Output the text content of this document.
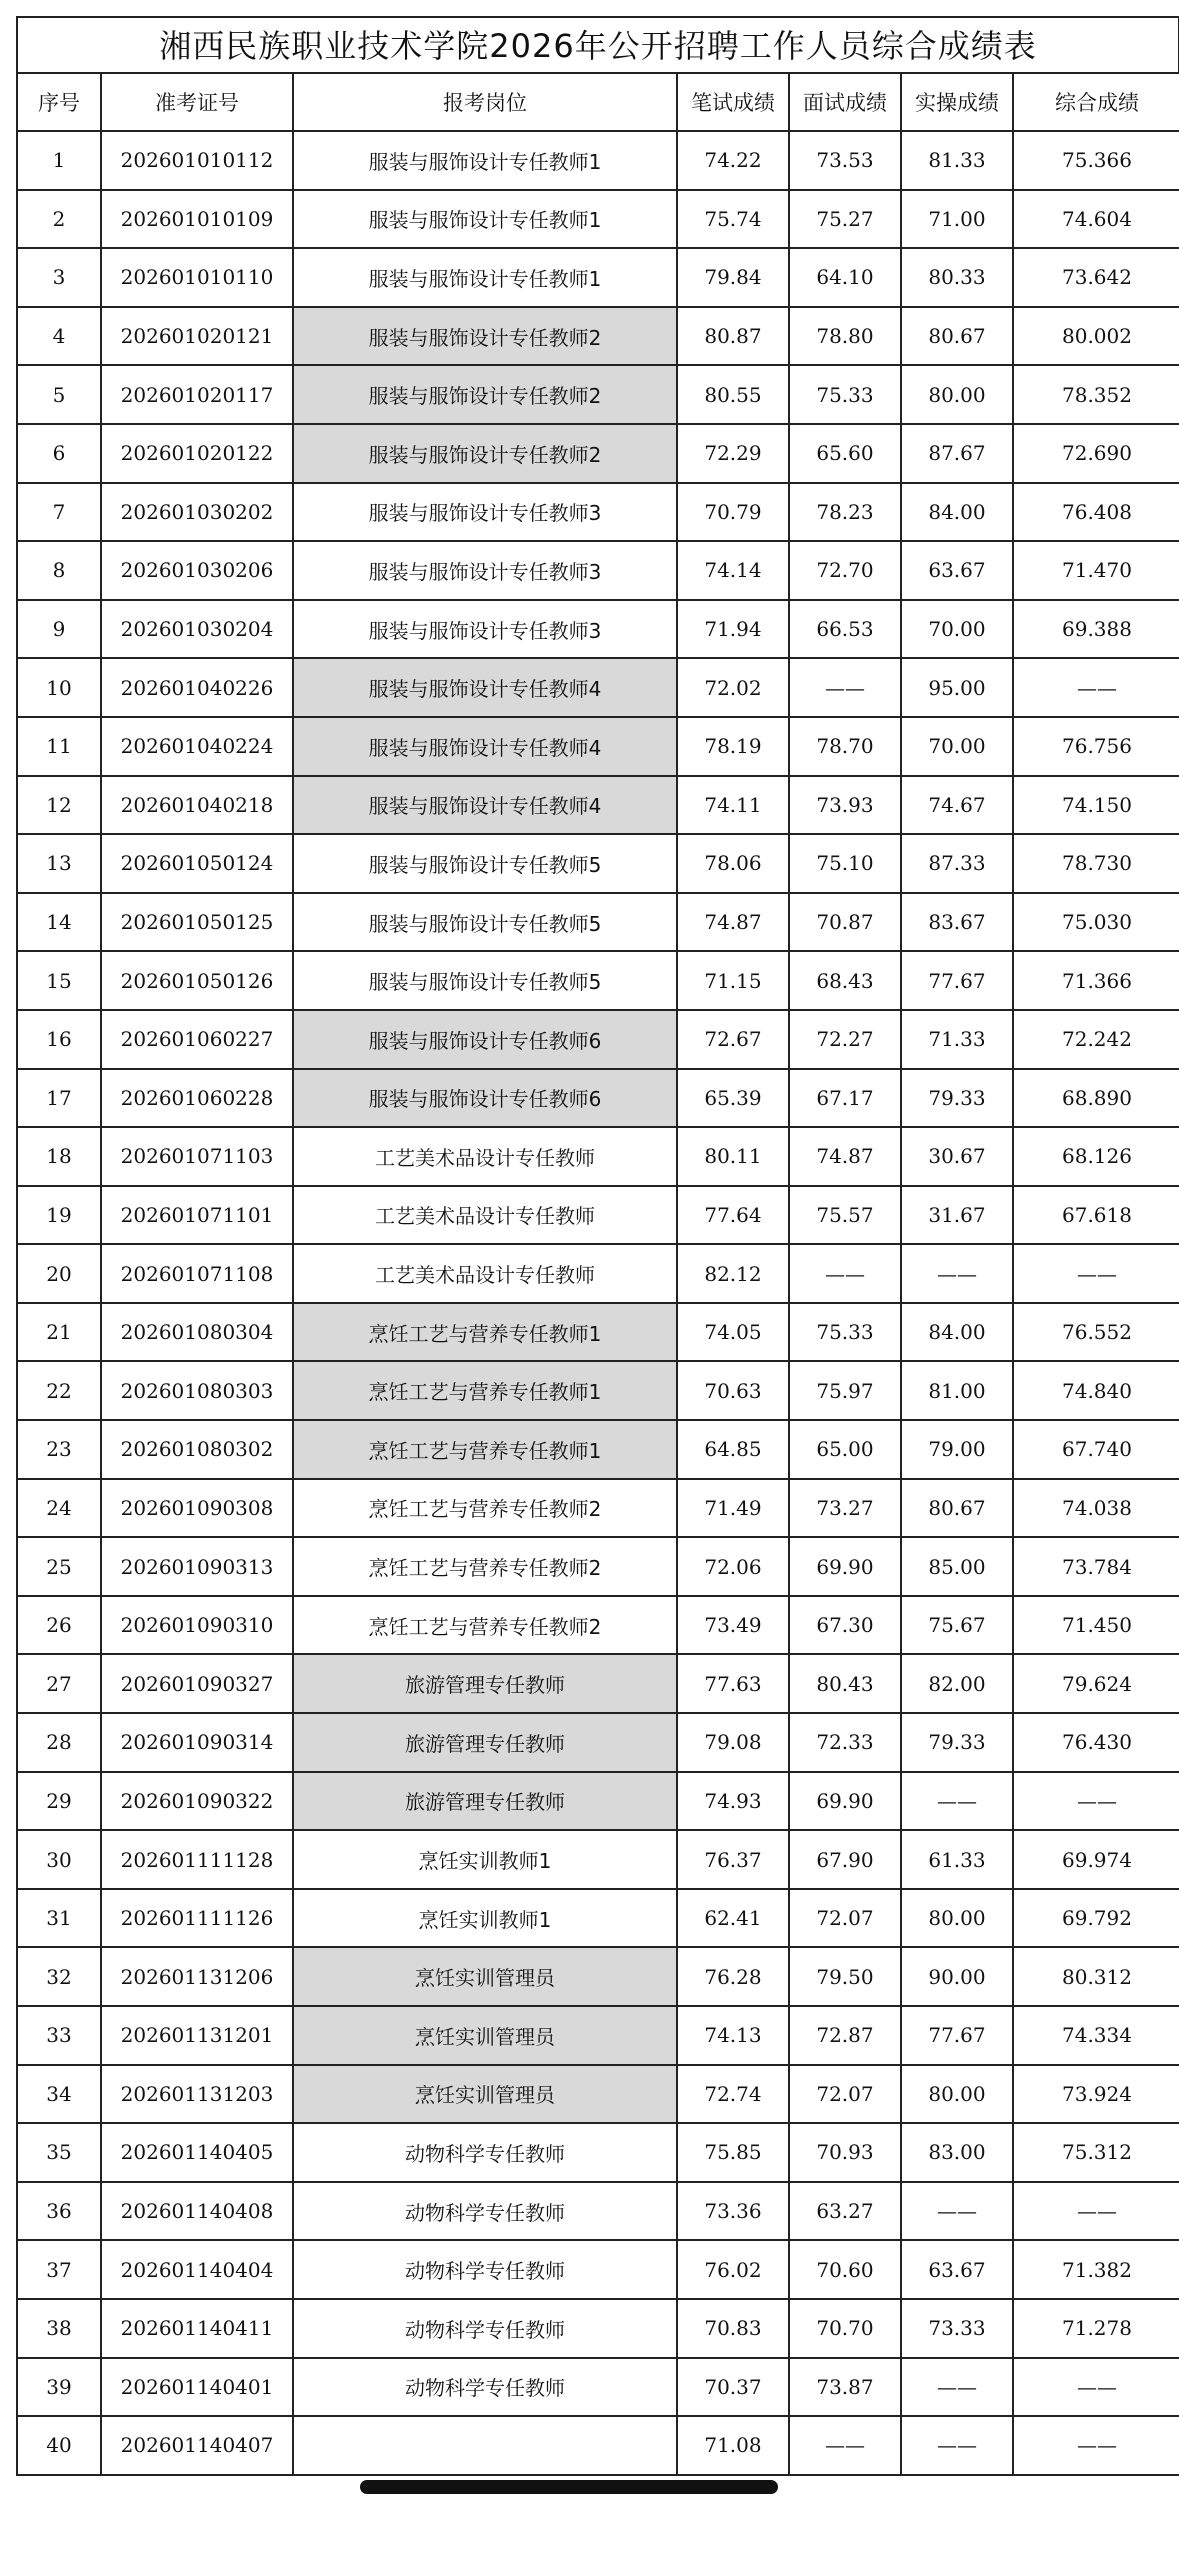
湘西民族职业技术学院2026年公开招聘工作人员综合成绩表
序号	准考证号	报考岗位	笔试成绩	面试成绩	实操成绩	综合成绩
1	202601010112	服装与服饰设计专任教师1	74.22	73.53	81.33	75.366
2	202601010109	服装与服饰设计专任教师1	75.74	75.27	71.00	74.604
3	202601010110	服装与服饰设计专任教师1	79.84	64.10	80.33	73.642
4	202601020121	服装与服饰设计专任教师2	80.87	78.80	80.67	80.002
5	202601020117	服装与服饰设计专任教师2	80.55	75.33	80.00	78.352
6	202601020122	服装与服饰设计专任教师2	72.29	65.60	87.67	72.690
7	202601030202	服装与服饰设计专任教师3	70.79	78.23	84.00	76.408
8	202601030206	服装与服饰设计专任教师3	74.14	72.70	63.67	71.470
9	202601030204	服装与服饰设计专任教师3	71.94	66.53	70.00	69.388
10	202601040226	服装与服饰设计专任教师4	72.02	——	95.00	——
11	202601040224	服装与服饰设计专任教师4	78.19	78.70	70.00	76.756
12	202601040218	服装与服饰设计专任教师4	74.11	73.93	74.67	74.150
13	202601050124	服装与服饰设计专任教师5	78.06	75.10	87.33	78.730
14	202601050125	服装与服饰设计专任教师5	74.87	70.87	83.67	75.030
15	202601050126	服装与服饰设计专任教师5	71.15	68.43	77.67	71.366
16	202601060227	服装与服饰设计专任教师6	72.67	72.27	71.33	72.242
17	202601060228	服装与服饰设计专任教师6	65.39	67.17	79.33	68.890
18	202601071103	工艺美术品设计专任教师	80.11	74.87	30.67	68.126
19	202601071101	工艺美术品设计专任教师	77.64	75.57	31.67	67.618
20	202601071108	工艺美术品设计专任教师	82.12	——	——	——
21	202601080304	烹饪工艺与营养专任教师1	74.05	75.33	84.00	76.552
22	202601080303	烹饪工艺与营养专任教师1	70.63	75.97	81.00	74.840
23	202601080302	烹饪工艺与营养专任教师1	64.85	65.00	79.00	67.740
24	202601090308	烹饪工艺与营养专任教师2	71.49	73.27	80.67	74.038
25	202601090313	烹饪工艺与营养专任教师2	72.06	69.90	85.00	73.784
26	202601090310	烹饪工艺与营养专任教师2	73.49	67.30	75.67	71.450
27	202601090327	旅游管理专任教师	77.63	80.43	82.00	79.624
28	202601090314	旅游管理专任教师	79.08	72.33	79.33	76.430
29	202601090322	旅游管理专任教师	74.93	69.90	——	——
30	202601111128	烹饪实训教师1	76.37	67.90	61.33	69.974
31	202601111126	烹饪实训教师1	62.41	72.07	80.00	69.792
32	202601131206	烹饪实训管理员	76.28	79.50	90.00	80.312
33	202601131201	烹饪实训管理员	74.13	72.87	77.67	74.334
34	202601131203	烹饪实训管理员	72.74	72.07	80.00	73.924
35	202601140405	动物科学专任教师	75.85	70.93	83.00	75.312
36	202601140408	动物科学专任教师	73.36	63.27	——	——
37	202601140404	动物科学专任教师	76.02	70.60	63.67	71.382
38	202601140411	动物科学专任教师	70.83	70.70	73.33	71.278
39	202601140401	动物科学专任教师	70.37	73.87	——	——
40	202601140407		71.08	——	——	——
